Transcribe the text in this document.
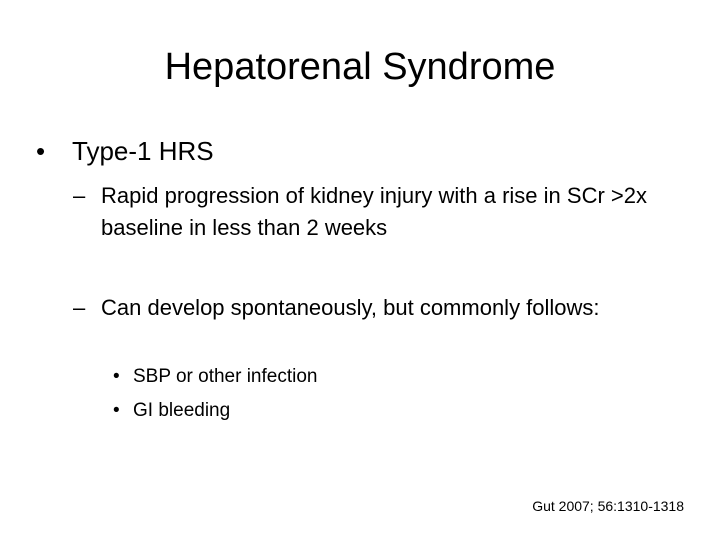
Hepatorenal Syndrome
• Type-1 HRS
– Rapid progression of kidney injury with a rise in SCr >2x baseline in less than 2 weeks
– Can develop spontaneously, but commonly follows:
• SBP or other infection
• GI bleeding
Gut 2007; 56:1310-1318
